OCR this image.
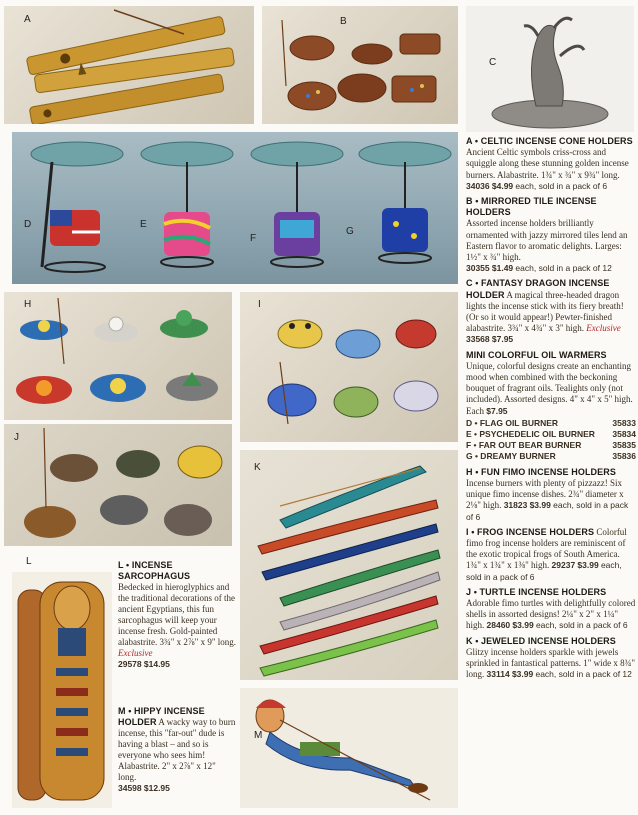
A	B
C
D	E
F
G
H	I
J
K
L
M

A • CELTIC INCENSE CONE HOLDERS
Ancient Celtic symbols criss-cross and squiggle along these stunning golden incense burners. Alabastrite. 1¾" x ¾" x 9¾" long. 34036 $4.99 each, sold in a pack of 6

B • MIRRORED TILE INCENSE HOLDERS
Assorted incense holders brilliantly ornamented with jazzy mirrored tiles lend an Eastern flavor to aromatic delights. Larges: 1½" x ¾" high.
30355 $1.49 each, sold in a pack of 12

C • FANTASY DRAGON INCENSE HOLDER A magical three-headed dragon lights the incense stick with its fiery breath! (Or so it would appear!) Pewter-finished alabastrite. 3¾" x 4¾" x 3" high. Exclusive
33568 $7.95

MINI COLORFUL OIL WARMERS
Unique, colorful designs create an enchanting mood when combined with the beckoning bouquet of fragrant oils. Tealights only (not included). Assorted designs. 4" x 4" x 5" high. Each $7.95

D • FLAG OIL BURNER	35833
E • PSYCHEDELIC OIL BURNER 35834
F • FAR OUT BEAR BURNER	35835
G • DREAMY BURNER	35836

H • FUN FIMO INCENSE HOLDERS
Incense burners with plenty of pizzazz! Six unique fimo incense dishes. 2¾" diameter x 2⅛" high. 31823 $3.99 each, sold in a pack of 6

I • FROG INCENSE HOLDERS Colorful fimo frog incense holders are reminiscent of the exotic tropical frogs of South America. 1¾" x 1¾" x 1⅜" high. 29237 $3.99 each, sold in a pack of 6

J • TURTLE INCENSE HOLDERS
Adorable fimo turtles with delightfully colored shells in assorted designs! 2¼" x 2" x 1¼" high. 28460 $3.99 each, sold in a pack of 6

K • JEWELED INCENSE HOLDERS
Glitzy incense holders sparkle with jewels sprinkled in fantastical patterns. 1" wide x 8¾" long. 33114 $3.99 each, sold in a pack of 12

L • INCENSE SARCOPHAGUS
Bedecked in hieroglyphics and the traditional decorations of the ancient Egyptians, this fun sarcophagus will keep your incense fresh. Gold-painted alabastrite. 3¾" x 2⅞" x 9" long. Exclusive
29578 $14.95
M • HIPPY INCENSE HOLDER A wacky way to burn incense, this "far-out" dude is having a blast – and so is everyone who sees him! Alabastrite. 2" x 2⅞" x 12" long.
34598 $12.95
